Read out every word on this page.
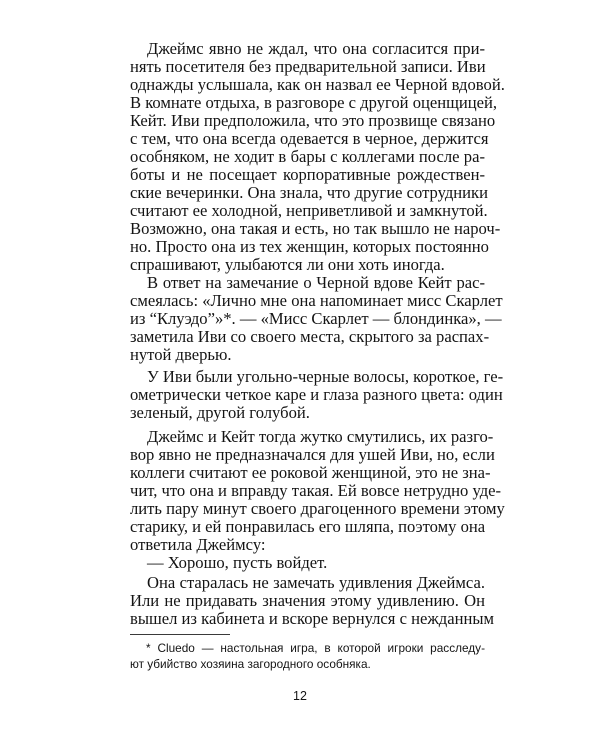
Джеймс явно не ждал, что она согласится при-
нять посетителя без предварительной записи. Иви
однажды услышала, как он назвал ее Черной вдовой.
В комнате отдыха, в разговоре с другой оценщицей,
Кейт. Иви предположила, что это прозвище связано
с тем, что она всегда одевается в черное, держится
особняком, не ходит в бары с коллегами после ра-
боты и не посещает корпоративные рождествен-
ские вечеринки. Она знала, что другие сотрудники
считают ее холодной, неприветливой и замкнутой.
Возможно, она такая и есть, но так вышло не нароч-
но. Просто она из тех женщин, которых постоянно
спрашивают, улыбаются ли они хоть иногда.
В ответ на замечание о Черной вдове Кейт рас-
смеялась: «Лично мне она напоминает мисс Скарлет
из “Клуэдо”»*. — «Мисс Скарлет — блондинка», —
заметила Иви со своего места, скрытого за распах-
нутой дверью.
У Иви были угольно-черные волосы, короткое, ге-
ометрически четкое каре и глаза разного цвета: один
зеленый, другой голубой.
Джеймс и Кейт тогда жутко смутились, их разго-
вор явно не предназначался для ушей Иви, но, если
коллеги считают ее роковой женщиной, это не зна-
чит, что она и вправду такая. Ей вовсе нетрудно уде-
лить пару минут своего драгоценного времени этому
старику, и ей понравилась его шляпа, поэтому она
ответила Джеймсу:
— Хорошо, пусть войдет.
Она старалась не замечать удивления Джеймса.
Или не придавать значения этому удивлению. Он
вышел из кабинета и вскоре вернулся с нежданным
* Cluedo — настольная игра, в которой игроки расследу-
ют убийство хозяина загородного особняка.
12
